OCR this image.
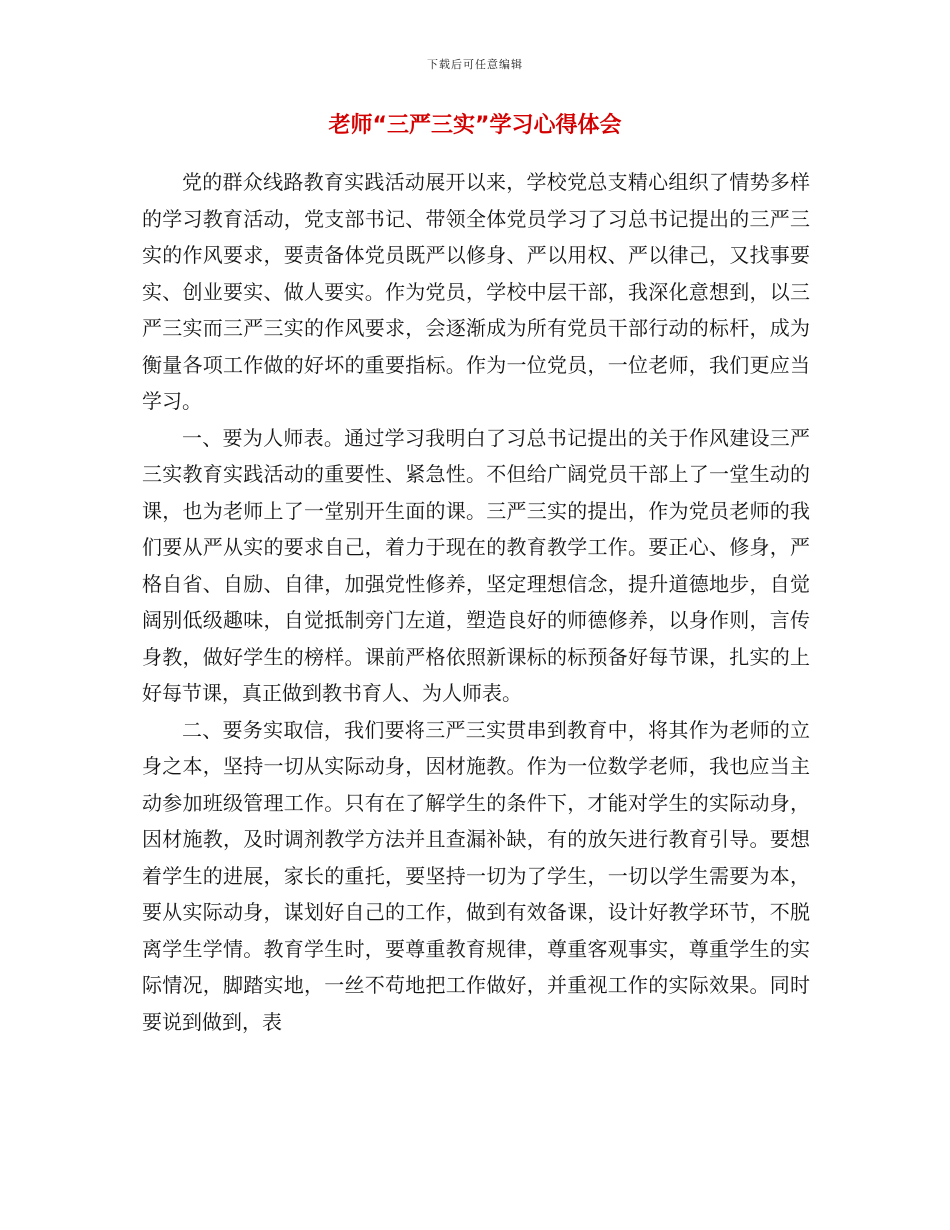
下载后可任意编辑
老师“三严三实”学习心得体会

党的群众线路教育实践活动展开以来，学校党总支精心组织了情势多样的学习教育活动，党支部书记、带领全体党员学习了习总书记提出的三严三实的作风要求，要责备体党员既严以修身、严以用权、严以律己，又找事要实、创业要实、做人要实。作为党员，学校中层干部，我深化意想到，以三严三实而三严三实的作风要求，会逐渐成为所有党员干部行动的标杆，成为衡量各项工作做的好坏的重要指标。作为一位党员，一位老师，我们更应当学习。

一、要为人师表。通过学习我明白了习总书记提出的关于作风建设三严三实教育实践活动的重要性、紧急性。不但给广阔党员干部上了一堂生动的课，也为老师上了一堂别开生面的课。三严三实的提出，作为党员老师的我们要从严从实的要求自己，着力于现在的教育教学工作。要正心、修身，严格自省、自励、自律，加强党性修养，坚定理想信念，提升道德地步，自觉阔别低级趣味，自觉抵制旁门左道，塑造良好的师德修养，以身作则，言传身教，做好学生的榜样。课前严格依照新课标的标预备好每节课，扎实的上好每节课，真正做到教书育人、为人师表。

二、要务实取信，我们要将三严三实贯串到教育中，将其作为老师的立身之本，坚持一切从实际动身，因材施教。作为一位数学老师，我也应当主动参加班级管理工作。只有在了解学生的条件下，才能对学生的实际动身，因材施教，及时调剂教学方法并且查漏补缺，有的放矢进行教育引导。要想着学生的进展，家长的重托，要坚持一切为了学生，一切以学生需要为本，要从实际动身，谋划好自己的工作，做到有效备课，设计好教学环节，不脱离学生学情。教育学生时，要尊重教育规律，尊重客观事实，尊重学生的实际情况，脚踏实地，一丝不苟地把工作做好，并重视工作的实际效果。同时要说到做到，表
